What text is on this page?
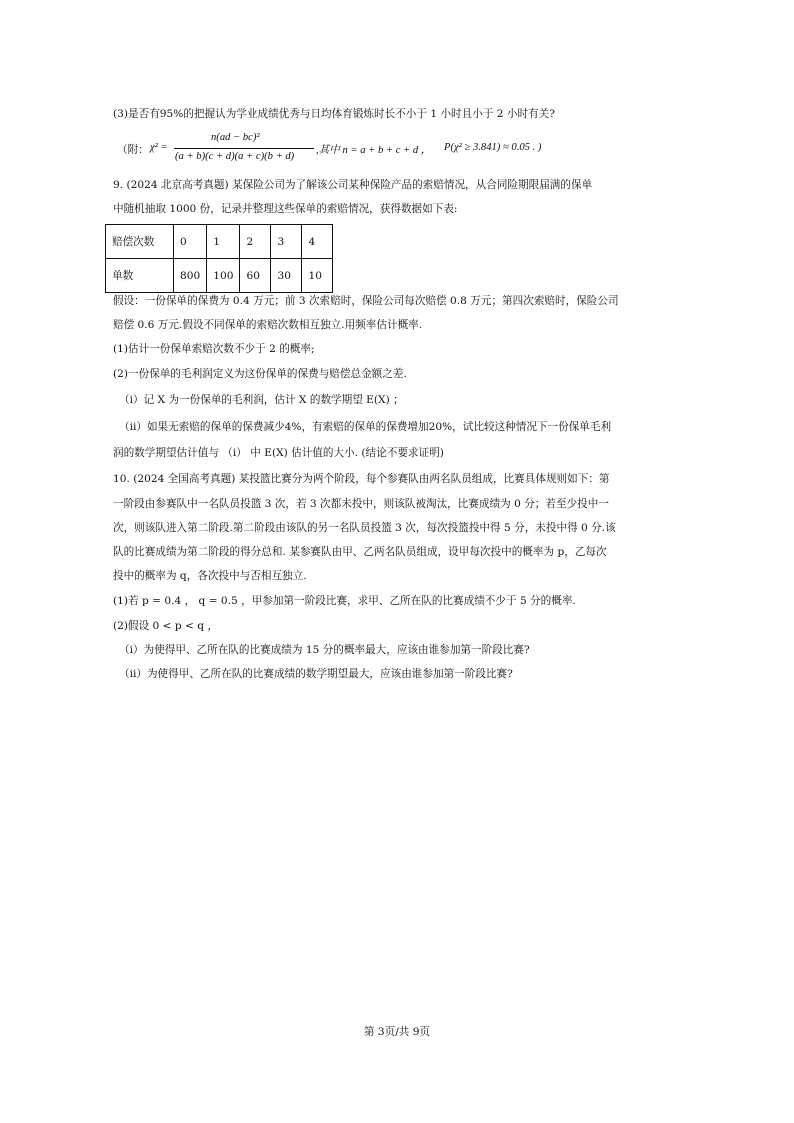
(3)是否有95%的把握认为学业成绩优秀与日均体育锻炼时长不小于 1 小时且小于 2 小时有关?
（附： χ² =
n(ad − bc)²
(a + b)(c + d)(a + c)(b + d)
,其中 n = a + b + c + d ， P(χ² ≥ 3.841) ≈ 0.05 . )
9. (2024 北京高考真题) 某保险公司为了解该公司某种保险产品的索赔情况，从合同险期限届满的保单
中随机抽取 1000 份，记录并整理这些保单的索赔情况，获得数据如下表:
赔偿次数	0	1	2	3	4
单数	800	100	60	30	10
假设：一份保单的保费为 0.4 万元；前 3 次索赔时，保险公司每次赔偿 0.8 万元；第四次索赔时，保险公司
赔偿 0.6 万元.假设不同保单的索赔次数相互独立.用频率估计概率.
(1)估计一份保单索赔次数不少于 2 的概率;
(2)一份保单的毛利润定义为这份保单的保费与赔偿总金额之差.
（i）记 X 为一份保单的毛利润，估计 X 的数学期望 E(X) ；
（ⅱ）如果无索赔的保单的保费减少4%，有索赔的保单的保费增加20%，试比较这种情况下一份保单毛利
润的数学期望估计值与 （i） 中 E(X) 估计值的大小. (结论不要求证明)
10. (2024 全国高考真题) 某投篮比赛分为两个阶段，每个参赛队由两名队员组成，比赛具体规则如下：第
一阶段由参赛队中一名队员投篮 3 次，若 3 次都未投中，则该队被淘汰，比赛成绩为 0 分；若至少投中一
次，则该队进入第二阶段.第二阶段由该队的另一名队员投篮 3 次，每次投篮投中得 5 分，未投中得 0 分.该
队的比赛成绩为第二阶段的得分总和. 某参赛队由甲、乙两名队员组成，设甲每次投中的概率为 p，乙每次
投中的概率为 q，各次投中与否相互独立.
(1)若 p = 0.4 ， q = 0.5 ，甲参加第一阶段比赛，求甲、乙所在队的比赛成绩不少于 5 分的概率.
(2)假设 0 < p < q ，
（i）为使得甲、乙所在队的比赛成绩为 15 分的概率最大，应该由谁参加第一阶段比赛?
（ii）为使得甲、乙所在队的比赛成绩的数学期望最大，应该由谁参加第一阶段比赛?
第 3页/共 9页
